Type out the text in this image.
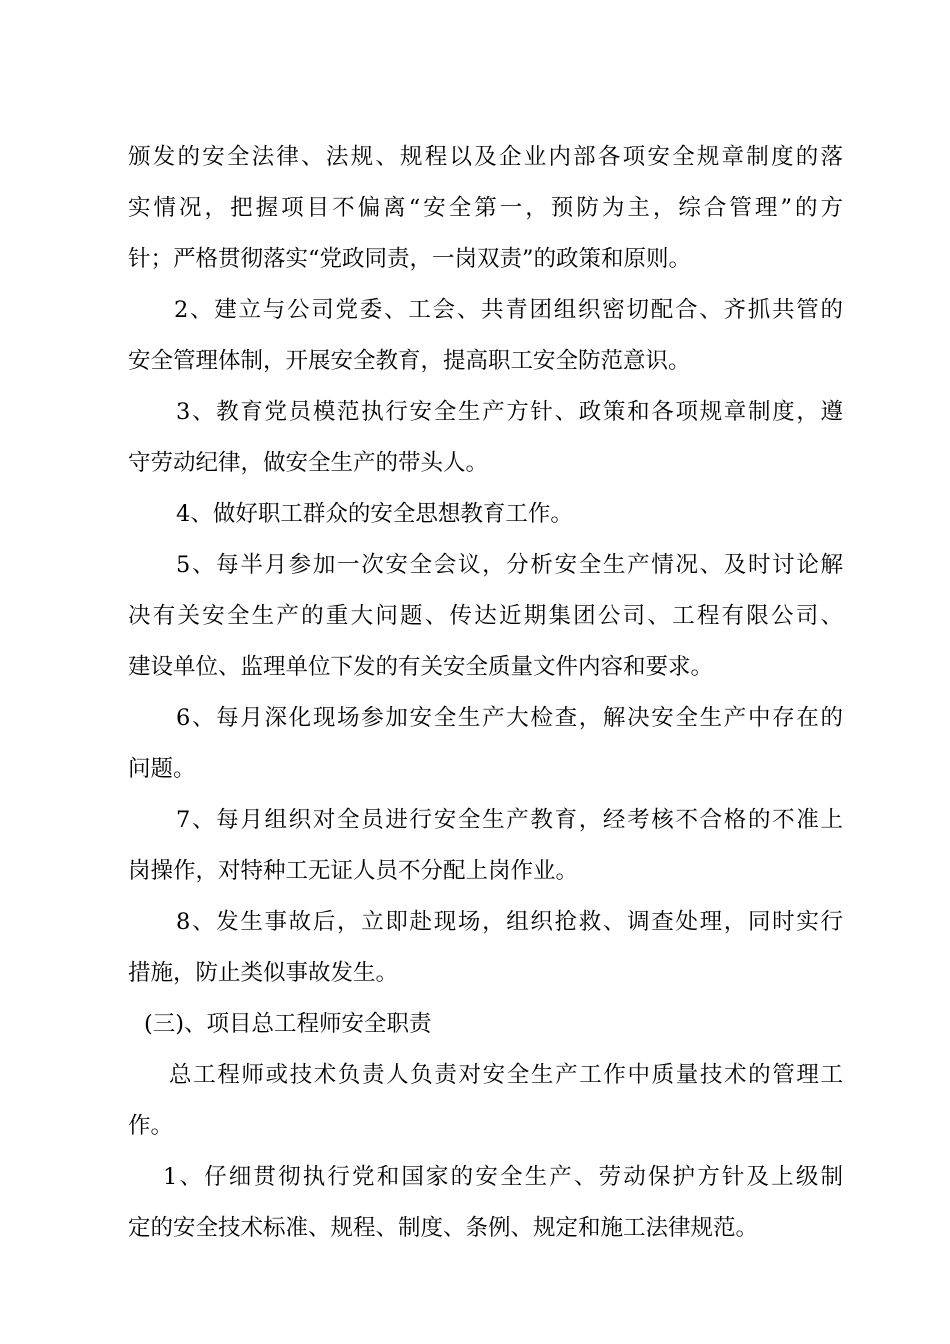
颁发的安全法律、法规、规程以及企业内部各项安全规章制度的落
实情况，把握项目不偏离“安全第一，预防为主，综合管理”的方
针；严格贯彻落实“党政同责，一岗双责”的政策和原则。
2、建立与公司党委、工会、共青团组织密切配合、齐抓共管的
安全管理体制，开展安全教育，提高职工安全防范意识。
3、教育党员模范执行安全生产方针、政策和各项规章制度，遵
守劳动纪律，做安全生产的带头人。
4、做好职工群众的安全思想教育工作。
5、每半月参加一次安全会议，分析安全生产情况、及时讨论解
决有关安全生产的重大问题、传达近期集团公司、工程有限公司、
建设单位、监理单位下发的有关安全质量文件内容和要求。
6、每月深化现场参加安全生产大检查，解决安全生产中存在的
问题。
7、每月组织对全员进行安全生产教育，经考核不合格的不准上
岗操作，对特种工无证人员不分配上岗作业。
8、发生事故后，立即赴现场，组织抢救、调查处理，同时实行
措施，防止类似事故发生。
(三)、项目总工程师安全职责
总工程师或技术负责人负责对安全生产工作中质量技术的管理工
作。
1、仔细贯彻执行党和国家的安全生产、劳动保护方针及上级制
定的安全技术标准、规程、制度、条例、规定和施工法律规范。
